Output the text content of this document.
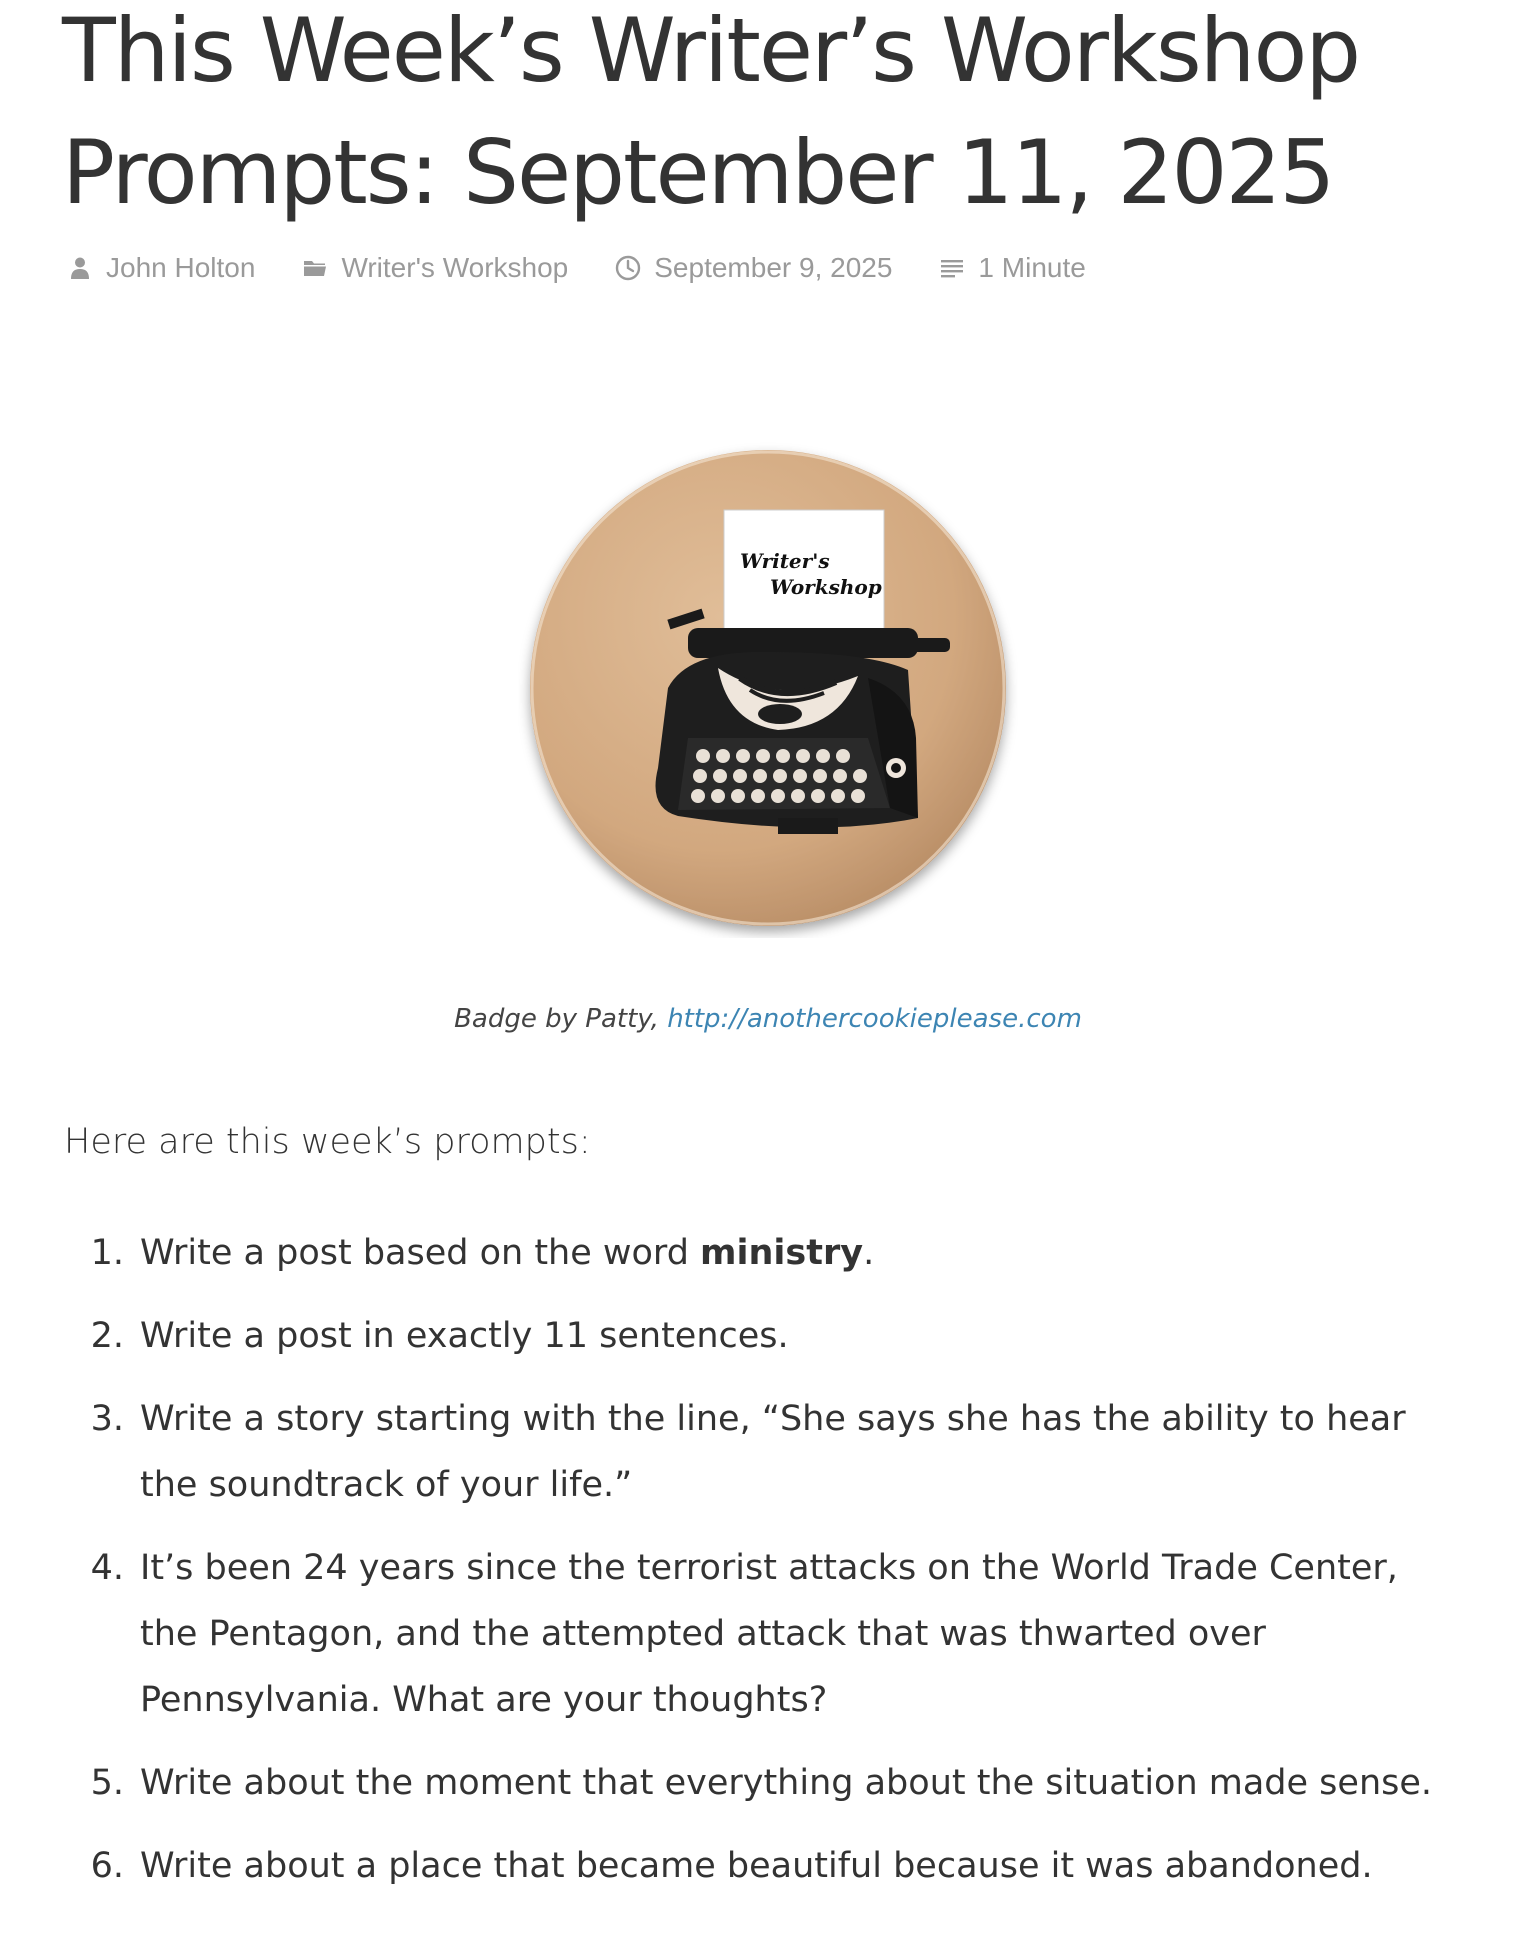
This Week’s Writer’s Workshop Prompts: September 11, 2025
John Holton	Writer's Workshop	September 9, 2025	1 Minute
Writer's
Workshop
Badge by Patty, http://anothercookieplease.com

Here are this week’s prompts:

1 . Write a post based on the word ministry.
2 . Write a post in exactly 11 sentences.
3 . Write a story starting with the line, “She says she has the ability to hear the soundtrack of your life.”
4 . It’s been 24 years since the terrorist attacks on the World Trade Center, the Pentagon, and the attempted attack that was thwarted over Pennsylvania. What are your thoughts?
5 . Write about the moment that everything about the situation made sense.
6 . Write about a place that became beautiful because it was abandoned.
